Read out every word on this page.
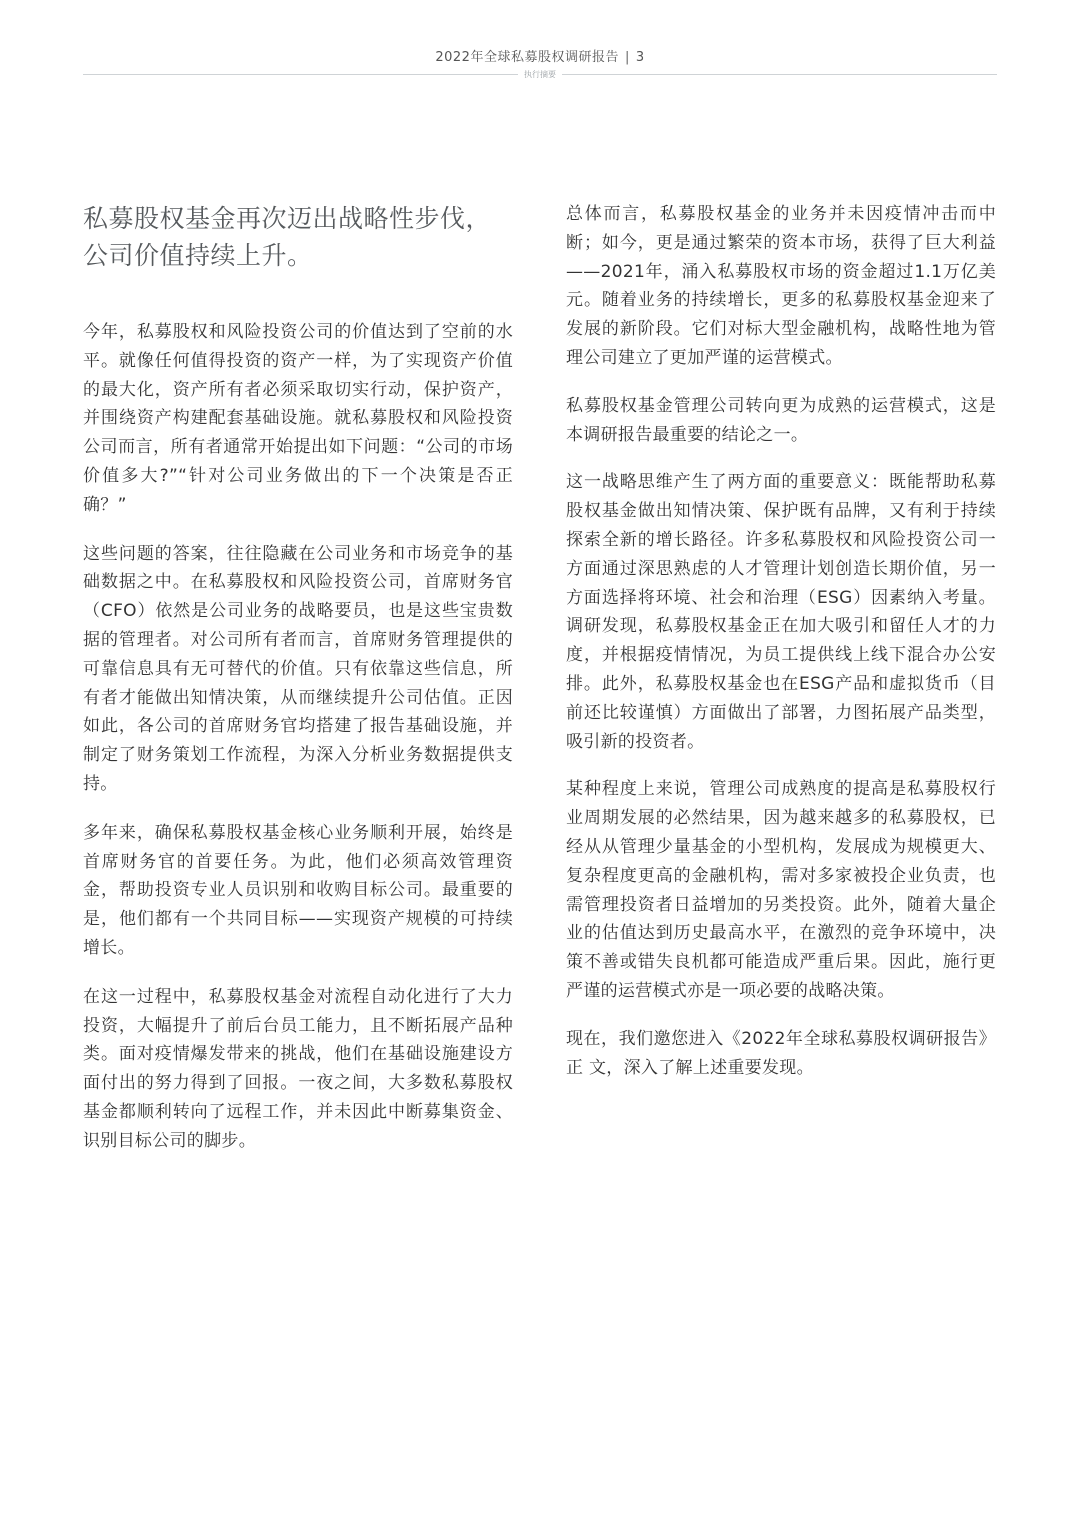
2022年全球私募股权调研报告 | 3
执行摘要
私募股权基金再次迈出战略性步伐，
公司价值持续上升。

今年，私募股权和风险投资公司的价值达到了空前的水平。就像任何值得投资的资产一样，为了实现资产价值的最大化，资产所有者必须采取切实行动，保护资产，并围绕资产构建配套基础设施。就私募股权和风险投资公司而言，所有者通常开始提出如下问题：“公司的市场价值多大?”“针对公司业务做出的下一个决策是否正确？”

这些问题的答案，往往隐藏在公司业务和市场竞争的基础数据之中。在私募股权和风险投资公司，首席财务官（CFO）依然是公司业务的战略要员，也是这些宝贵数据的管理者。对公司所有者而言，首席财务管理提供的可靠信息具有无可替代的价值。只有依靠这些信息，所有者才能做出知情决策，从而继续提升公司估值。正因如此，各公司的首席财务官均搭建了报告基础设施，并制定了财务策划工作流程，为深入分析业务数据提供支持。

多年来，确保私募股权基金核心业务顺利开展，始终是首席财务官的首要任务。为此，他们必须高效管理资金，帮助投资专业人员识别和收购目标公司。最重要的是，他们都有一个共同目标——实现资产规模的可持续增长。

在这一过程中，私募股权基金对流程自动化进行了大力投资，大幅提升了前后台员工能力，且不断拓展产品种类。面对疫情爆发带来的挑战，他们在基础设施建设方面付出的努力得到了回报。一夜之间，大多数私募股权基金都顺利转向了远程工作，并未因此中断募集资金、识别目标公司的脚步。

总体而言，私募股权基金的业务并未因疫情冲击而中断；如今，更是通过繁荣的资本市场，获得了巨大利益——2021年，涌入私募股权市场的资金超过1.1万亿美元。随着业务的持续增长，更多的私募股权基金迎来了发展的新阶段。它们对标大型金融机构，战略性地为管理公司建立了更加严谨的运营模式。

私募股权基金管理公司转向更为成熟的运营模式，这是本调研报告最重要的结论之一。

这一战略思维产生了两方面的重要意义：既能帮助私募股权基金做出知情决策、保护既有品牌，又有利于持续探索全新的增长路径。许多私募股权和风险投资公司一方面通过深思熟虑的人才管理计划创造长期价值，另一方面选择将环境、社会和治理（ESG）因素纳入考量。调研发现，私募股权基金正在加大吸引和留任人才的力度，并根据疫情情况，为员工提供线上线下混合办公安排。此外，私募股权基金也在ESG产品和虚拟货币（目前还比较谨慎）方面做出了部署，力图拓展产品类型，吸引新的投资者。

某种程度上来说，管理公司成熟度的提高是私募股权行业周期发展的必然结果，因为越来越多的私募股权，已经从从管理少量基金的小型机构，发展成为规模更大、复杂程度更高的金融机构，需对多家被投企业负责，也需管理投资者日益增加的另类投资。此外，随着大量企业的估值达到历史最高水平，在激烈的竞争环境中，决策不善或错失良机都可能造成严重后果。因此，施行更严谨的运营模式亦是一项必要的战略决策。

现在，我们邀您进入《2022年全球私募股权调研报告》正 文，深入了解上述重要发现。
